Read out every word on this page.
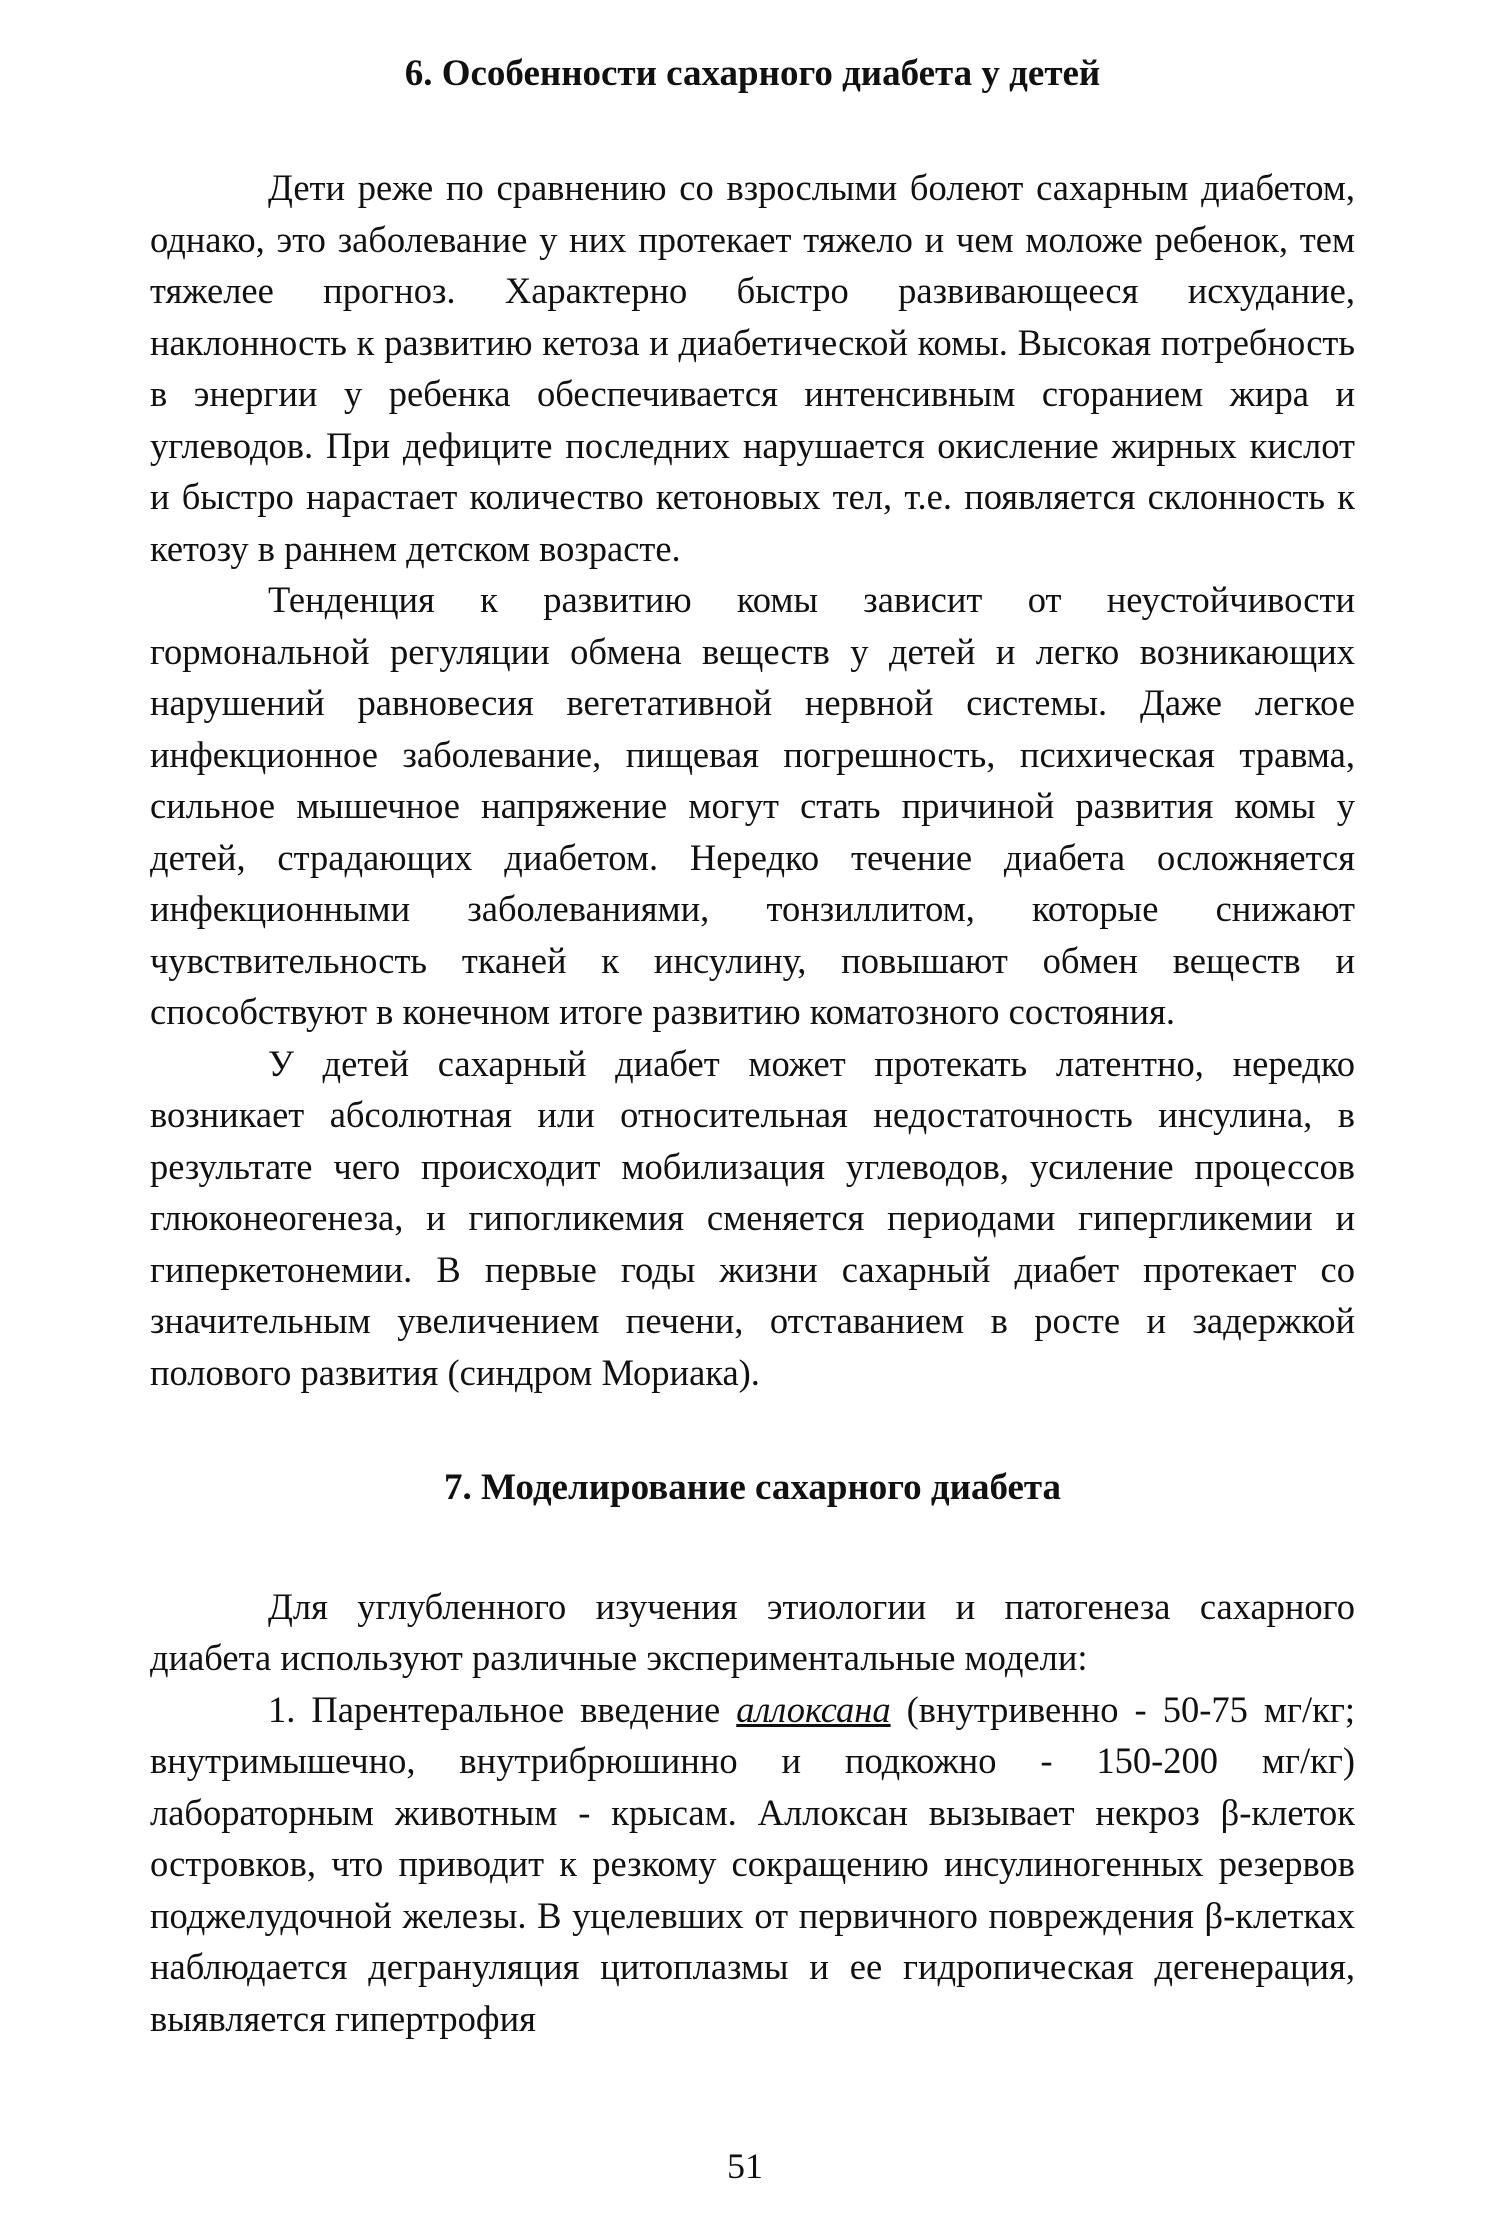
6. Особенности сахарного диабета у детей

Дети реже по сравнению со взрослыми болеют сахарным диабетом, однако, это заболевание у них протекает тяжело и чем моложе ребенок, тем тяжелее прогноз. Характерно быстро развивающееся исхудание, наклонность к развитию кетоза и диабетической комы. Высокая потребность в энергии у ребенка обеспечивается интенсивным сгоранием жира и углеводов. При дефиците последних нарушается окисление жирных кислот и быстро нарастает количество кетоновых тел, т.е. появляется склонность к кетозу в раннем детском возрасте.

Тенденция к развитию комы зависит от неустойчивости гормональной регуляции обмена веществ у детей и легко возникающих нарушений равновесия вегетативной нервной системы. Даже легкое инфекционное заболевание, пищевая погрешность, психическая травма, сильное мышечное напряжение могут стать причиной развития комы у детей, страдающих диабетом. Нередко течение диабета осложняется инфекционными заболеваниями, тонзиллитом, которые снижают чувствительность тканей к инсулину, повышают обмен веществ и способствуют в конечном итоге развитию коматозного состояния.

У детей сахарный диабет может протекать латентно, нередко возникает абсолютная или относительная недостаточность инсулина, в результате чего происходит мобилизация углеводов, усиление процессов глюконеогенеза, и гипогликемия сменяется периодами гипергликемии и гиперкетонемии. В первые годы жизни сахарный диабет протекает со значительным увеличением печени, отставанием в росте и задержкой полового развития (синдром Мориака).

7. Моделирование сахарного диабета

Для углубленного изучения этиологии и патогенеза сахарного диабета используют различные экспериментальные модели:

1. Парентеральное введение аллоксана (внутривенно - 50-75 мг/кг; внутримышечно, внутрибрюшинно и подкожно - 150-200 мг/кг) лабораторным животным - крысам. Аллоксан вызывает некроз β-клеток островков, что приводит к резкому сокращению инсулиногенных резервов поджелудочной железы. В уцелевших от первичного повреждения β-клетках наблюдается дегрануляция цитоплазмы и ее гидропическая дегенерация, выявляется гипертрофия

51
